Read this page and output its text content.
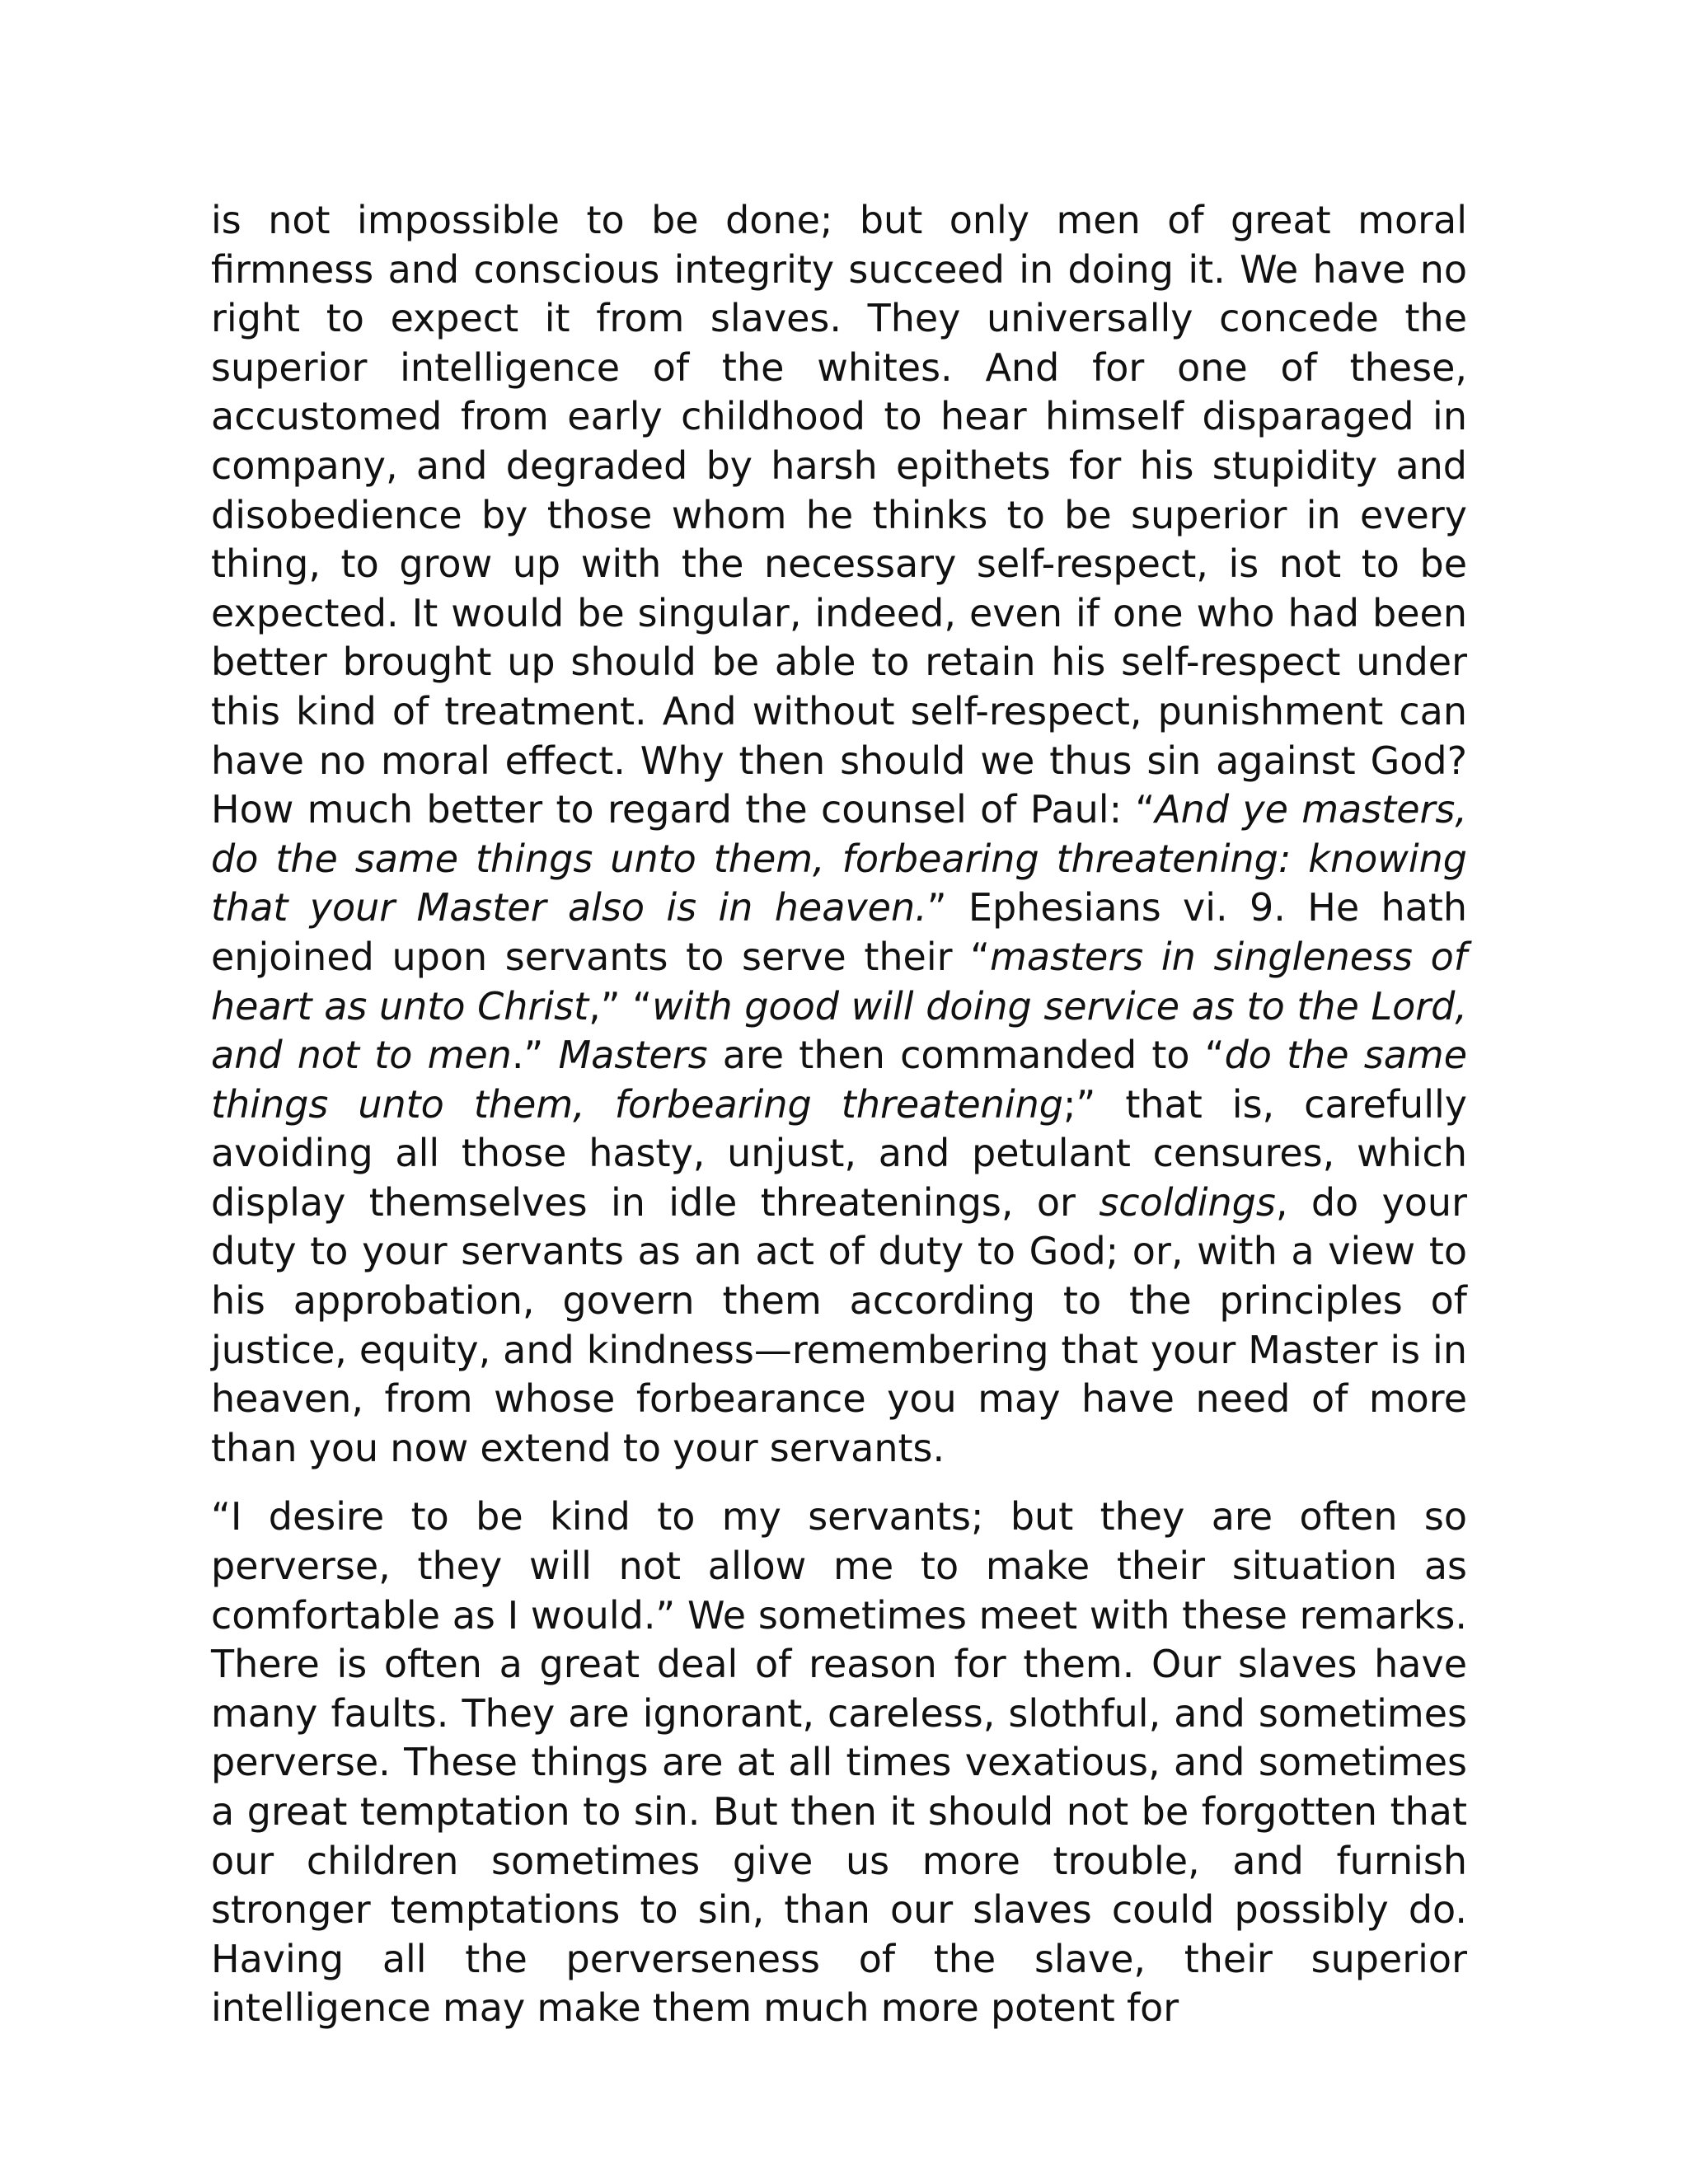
is not impossible to be done; but only men of great moral firmness and conscious integrity succeed in doing it. We have no right to expect it from slaves. They universally concede the superior intelligence of the whites. And for one of these, accustomed from early childhood to hear himself disparaged in company, and degraded by harsh epithets for his stupidity and disobedience by those whom he thinks to be superior in every thing, to grow up with the necessary self-respect, is not to be expected. It would be singular, indeed, even if one who had been better brought up should be able to retain his self-respect under this kind of treatment. And without self-respect, punishment can have no moral effect. Why then should we thus sin against God? How much better to regard the counsel of Paul: “And ye masters, do the same things unto them, forbearing threatening: knowing that your Master also is in heaven.” Ephesians vi. 9. He hath enjoined upon servants to serve their “masters in singleness of heart as unto Christ,” “with good will doing service as to the Lord, and not to men.” Masters are then commanded to “do the same things unto them, forbearing threatening;” that is, carefully avoiding all those hasty, unjust, and petulant censures, which display themselves in idle threatenings, or scoldings, do your duty to your servants as an act of duty to God; or, with a view to his approbation, govern them according to the principles of justice, equity, and kindness—remembering that your Master is in heaven, from whose forbearance you may have need of more than you now extend to your servants.

“I desire to be kind to my servants; but they are often so perverse, they will not allow me to make their situation as comfortable as I would.” We sometimes meet with these remarks. There is often a great deal of reason for them. Our slaves have many faults. They are ignorant, careless, slothful, and sometimes perverse. These things are at all times vexatious, and sometimes a great temptation to sin. But then it should not be forgotten that our children sometimes give us more trouble, and furnish stronger temptations to sin, than our slaves could possibly do. Having all the perverseness of the slave, their superior intelligence may make them much more potent for
